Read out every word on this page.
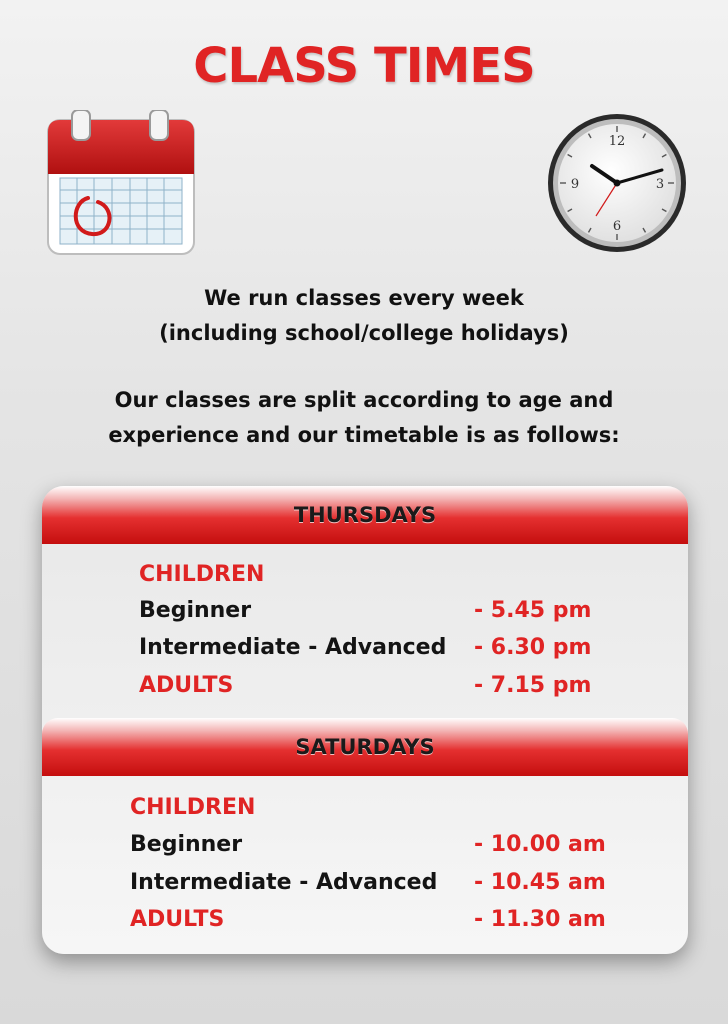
CLASS TIMES
12
3
6
9
We run classes every week
(including school/college holidays)
Our classes are split according to age and
experience and our timetable is as follows:
THURSDAYS
CHILDREN
Beginner	- 5.45 pm
Intermediate - Advanced - 6.30 pm
ADULTS	- 7.15 pm
SATURDAYS
CHILDREN
Beginner	- 10.00 am
Intermediate - Advanced - 10.45 am
ADULTS	- 11.30 am
